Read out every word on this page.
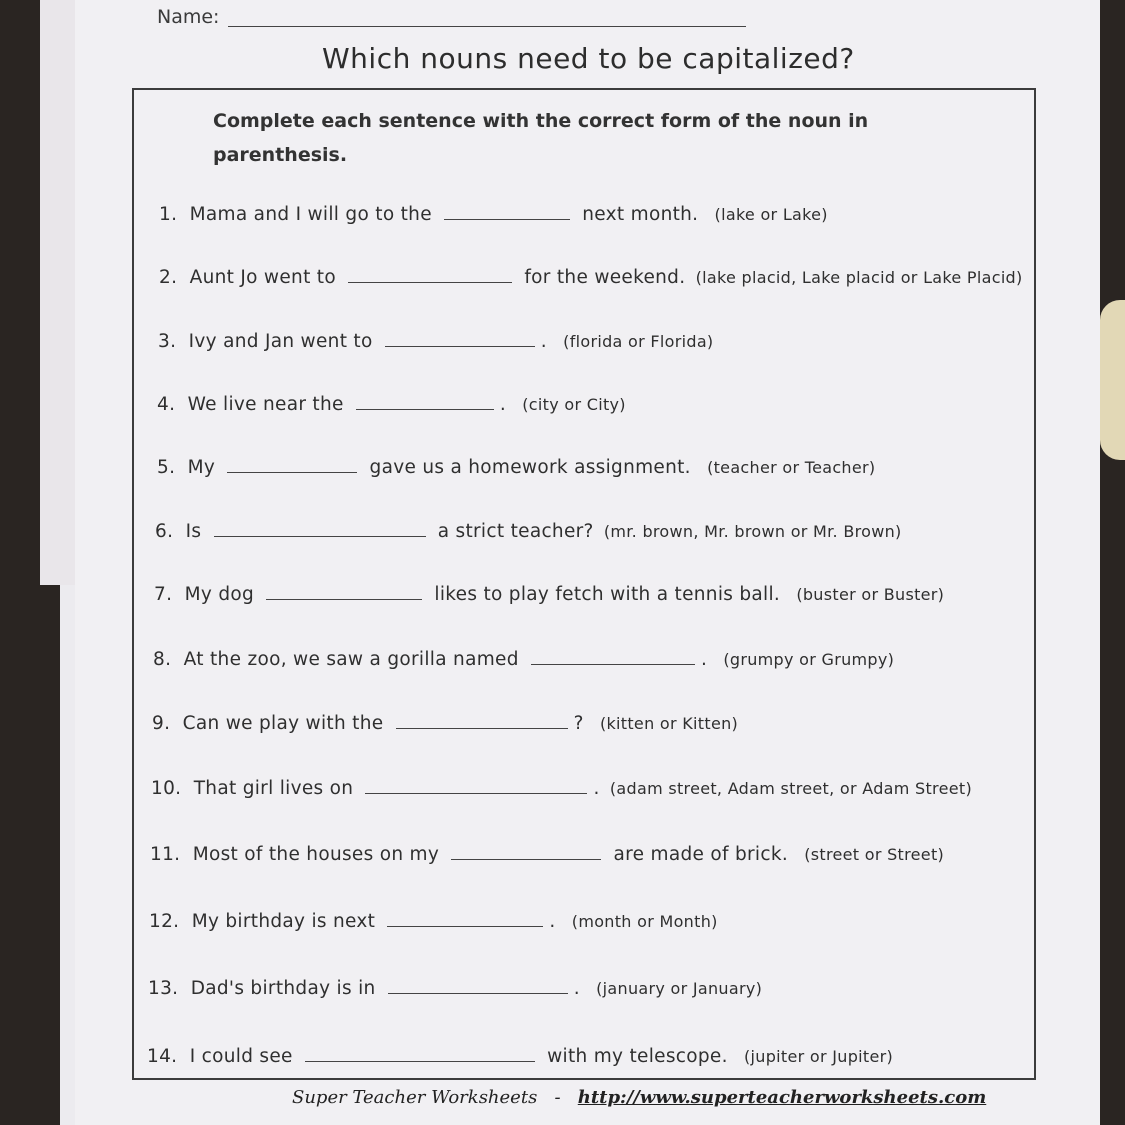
Name:
Which nouns need to be capitalized?
Complete each sentence with the correct form of the noun in parenthesis.
1. Mama and I will go to the	next month. (lake or Lake)
2. Aunt Jo went to	for the weekend. (lake placid, Lake placid or Lake Placid)
3. Ivy and Jan went to	. (florida or Florida)
4. We live near the	. (city or City)
5. My	gave us a homework assignment. (teacher or Teacher)
6. Is	a strict teacher? (mr. brown, Mr. brown or Mr. Brown)
7. My dog	likes to play fetch with a tennis ball. (buster or Buster)
8. At the zoo, we saw a gorilla named	. (grumpy or Grumpy)
9. Can we play with the	? (kitten or Kitten)
10. That girl lives on	. (adam street, Adam street, or Adam Street)
11. Most of the houses on my	are made of brick. (street or Street)
12. My birthday is next	. (month or Month)
13. Dad's birthday is in	. (january or January)
14. I could see	with my telescope. (jupiter or Jupiter)
Super Teacher Worksheets - http://www.superteacherworksheets.com
